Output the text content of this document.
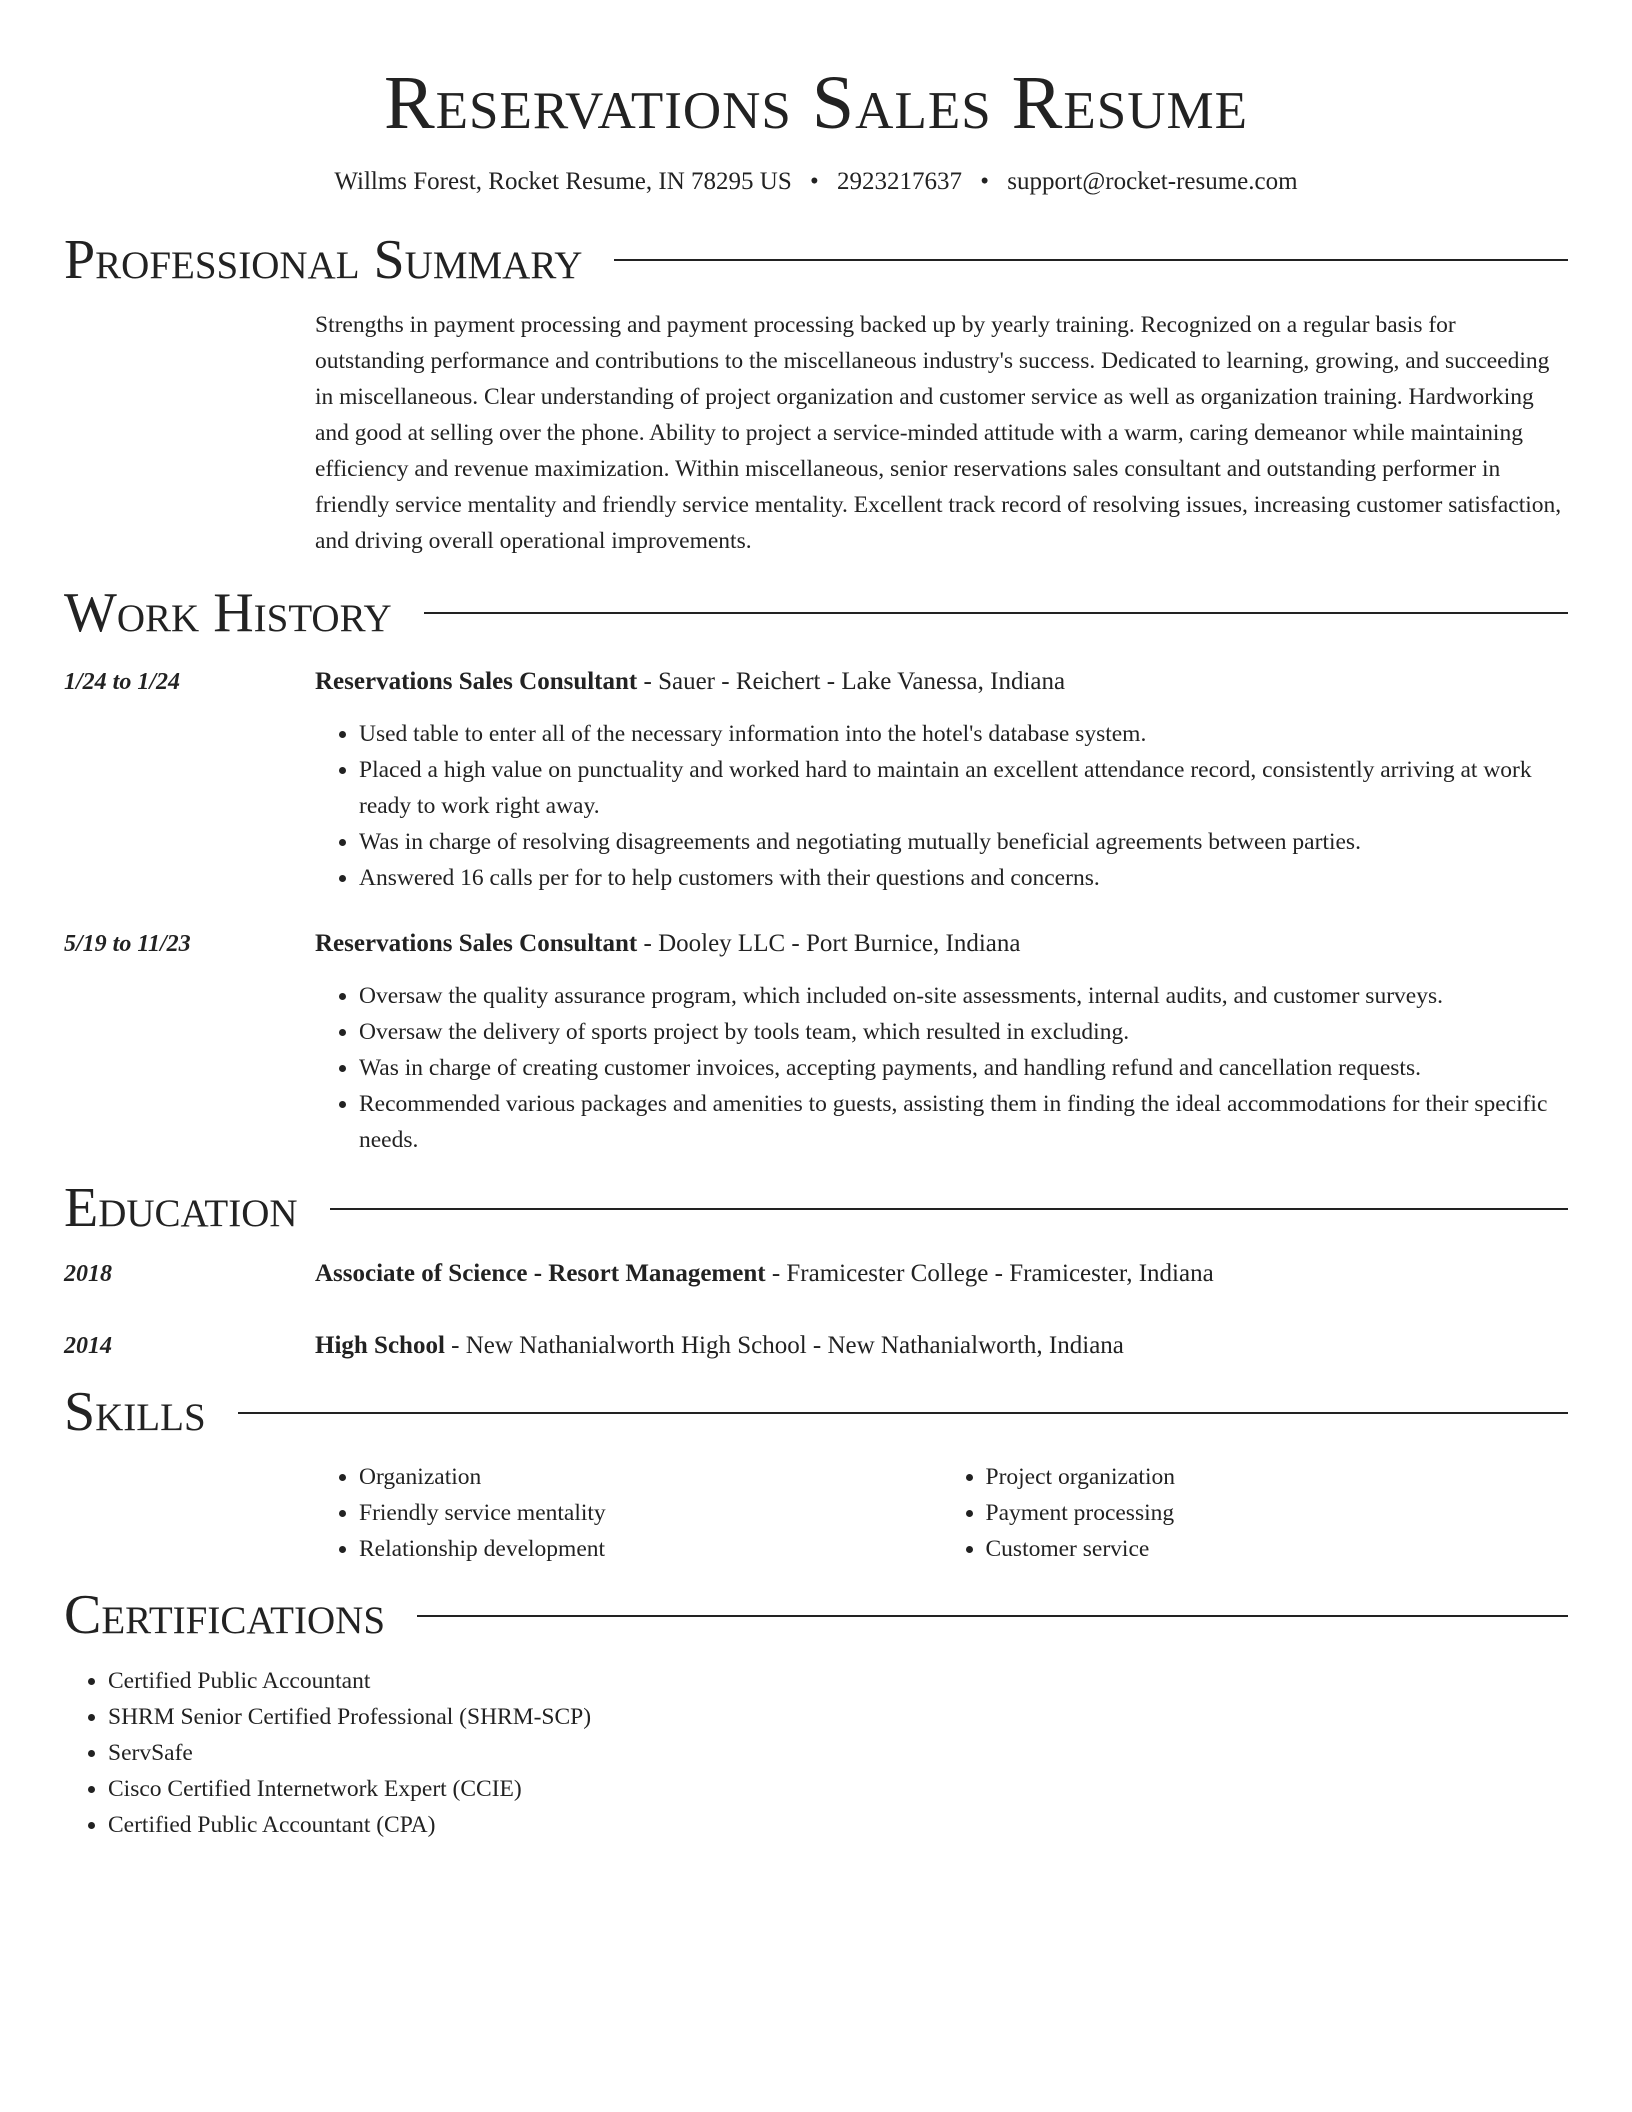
Reservations Sales Resume
Willms Forest, Rocket Resume, IN 78295 US • 2923217637 • support@rocket-resume.com
Professional Summary

Strengths in payment processing and payment processing backed up by yearly training. Recognized on a regular basis for outstanding performance and contributions to the miscellaneous industry's success. Dedicated to learning, growing, and succeeding in miscellaneous. Clear understanding of project organization and customer service as well as organization training. Hardworking and good at selling over the phone. Ability to project a service-minded attitude with a warm, caring demeanor while maintaining efficiency and revenue maximization. Within miscellaneous, senior reservations sales consultant and outstanding performer in friendly service mentality and friendly service mentality. Excellent track record of resolving issues, increasing customer satisfaction, and driving overall operational improvements.

Work History
1/24 to 1/24	Reservations Sales Consultant - Sauer - Reichert - Lake Vanessa, Indiana
• Used table to enter all of the necessary information into the hotel's database system.
• Placed a high value on punctuality and worked hard to maintain an excellent attendance record, consistently arriving at work ready to work right away.
• Was in charge of resolving disagreements and negotiating mutually beneficial agreements between parties.
• Answered 16 calls per for to help customers with their questions and concerns.
5/19 to 11/23	Reservations Sales Consultant - Dooley LLC - Port Burnice, Indiana
• Oversaw the quality assurance program, which included on-site assessments, internal audits, and customer surveys.
• Oversaw the delivery of sports project by tools team, which resulted in excluding.
• Was in charge of creating customer invoices, accepting payments, and handling refund and cancellation requests.
• Recommended various packages and amenities to guests, assisting them in finding the ideal accommodations for their specific needs.
Education
2018	Associate of Science - Resort Management - Framicester College - Framicester, Indiana
2014	High School - New Nathanialworth High School - New Nathanialworth, Indiana
Skills
• Organization
• Friendly service mentality
• Relationship development
• Project organization
• Payment processing
• Customer service
Certifications
• Certified Public Accountant
• SHRM Senior Certified Professional (SHRM-SCP)
• ServSafe
• Cisco Certified Internetwork Expert (CCIE)
• Certified Public Accountant (CPA)
